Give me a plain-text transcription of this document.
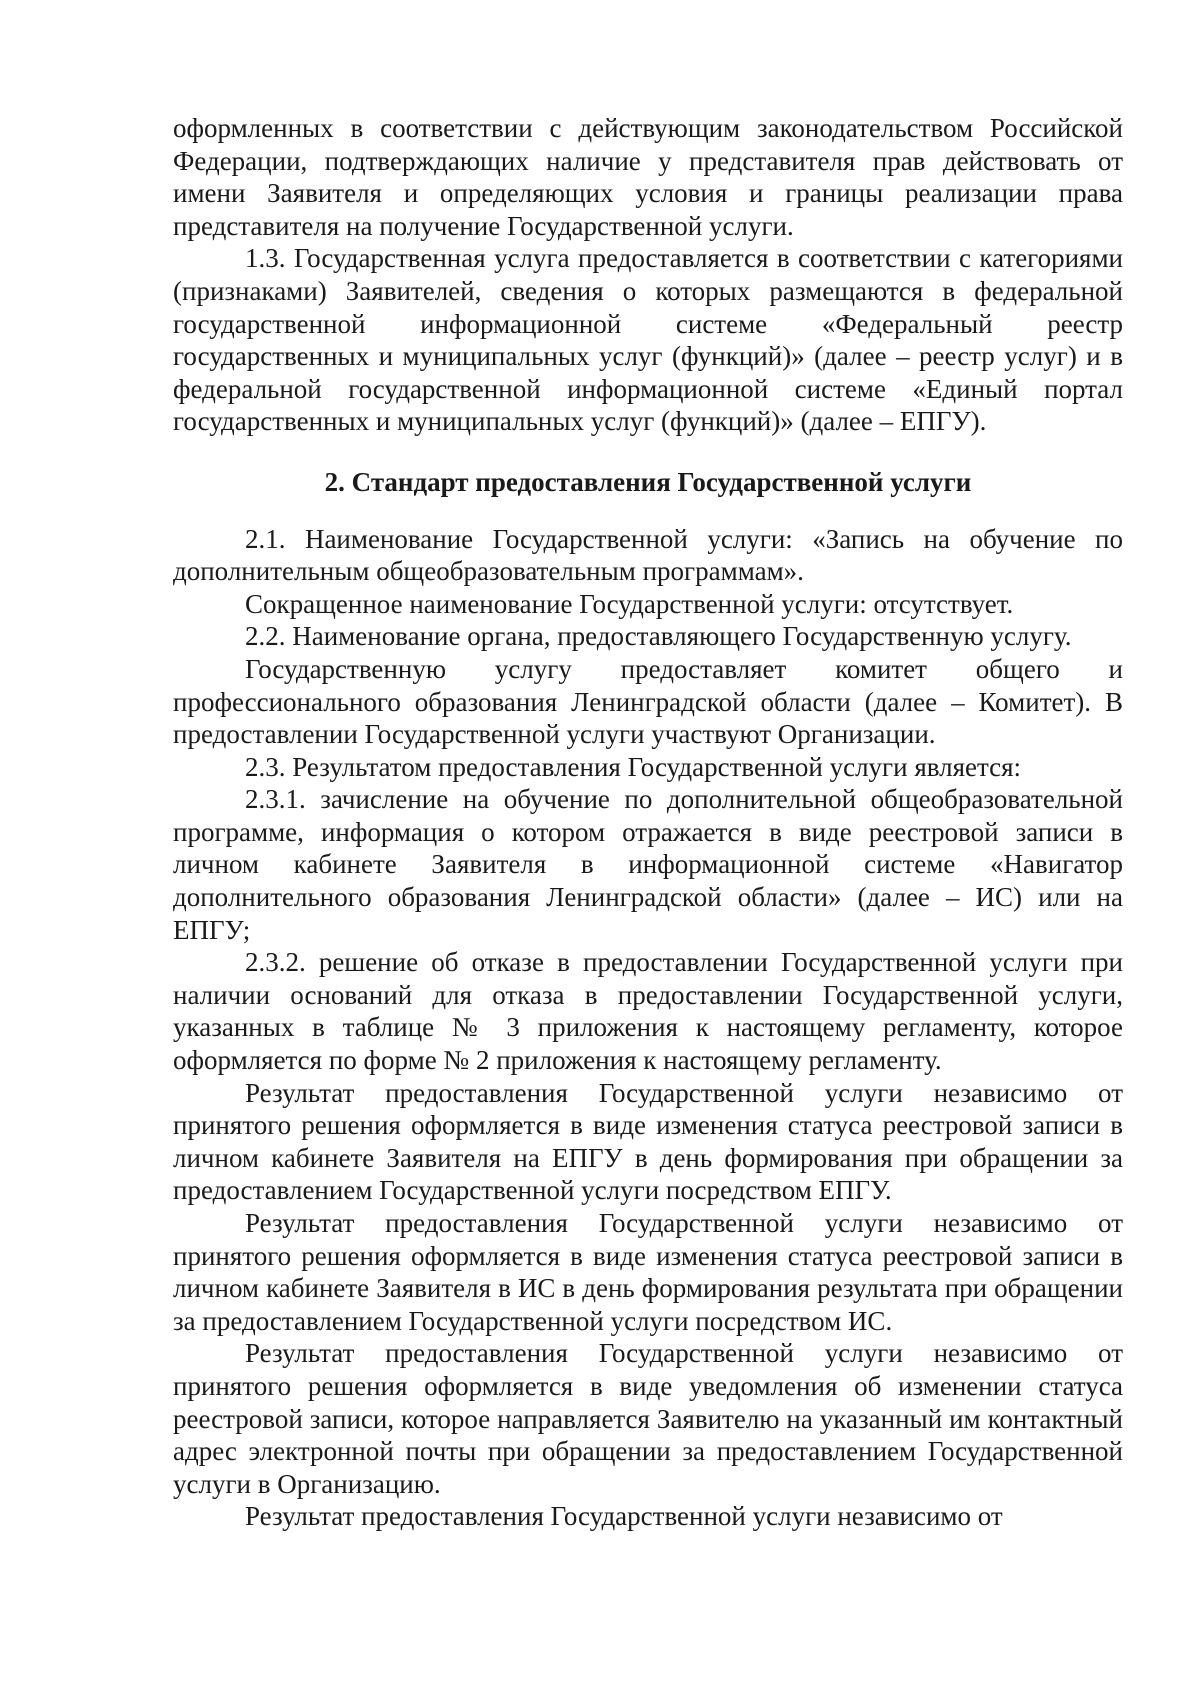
оформленных в соответствии с действующим законодательством Российской Федерации, подтверждающих наличие у представителя прав действовать от имени Заявителя и определяющих условия и границы реализации права представителя на получение Государственной услуги.

1.3. Государственная услуга предоставляется в соответствии с категориями (признаками) Заявителей, сведения о которых размещаются в федеральной государственной информационной системе «Федеральный реестр государственных и муниципальных услуг (функций)» (далее – реестр услуг) и в федеральной государственной информационной системе «Единый портал государственных и муниципальных услуг (функций)» (далее – ЕПГУ).

2. Стандарт предоставления Государственной услуги

2.1. Наименование Государственной услуги: «Запись на обучение по дополнительным общеобразовательным программам».

Сокращенное наименование Государственной услуги: отсутствует.

2.2. Наименование органа, предоставляющего Государственную услугу.

Государственную услугу предоставляет комитет общего и профессионального образования Ленинградской области (далее – Комитет). В предоставлении Государственной услуги участвуют Организации.

2.3. Результатом предоставления Государственной услуги является:

2.3.1. зачисление на обучение по дополнительной общеобразовательной программе, информация о котором отражается в виде реестровой записи в личном кабинете Заявителя в информационной системе «Навигатор дополнительного образования Ленинградской области» (далее – ИС) или на ЕПГУ;

2.3.2. решение об отказе в предоставлении Государственной услуги при наличии оснований для отказа в предоставлении Государственной услуги, указанных в таблице № 3 приложения к настоящему регламенту, которое оформляется по форме № 2 приложения к настоящему регламенту.

Результат предоставления Государственной услуги независимо от принятого решения оформляется в виде изменения статуса реестровой записи в личном кабинете Заявителя на ЕПГУ в день формирования при обращении за предоставлением Государственной услуги посредством ЕПГУ.

Результат предоставления Государственной услуги независимо от принятого решения оформляется в виде изменения статуса реестровой записи в личном кабинете Заявителя в ИС в день формирования результата при обращении за предоставлением Государственной услуги посредством ИС.

Результат предоставления Государственной услуги независимо от принятого решения оформляется в виде уведомления об изменении статуса реестровой записи, которое направляется Заявителю на указанный им контактный адрес электронной почты при обращении за предоставлением Государственной услуги в Организацию.

Результат предоставления Государственной услуги независимо от
